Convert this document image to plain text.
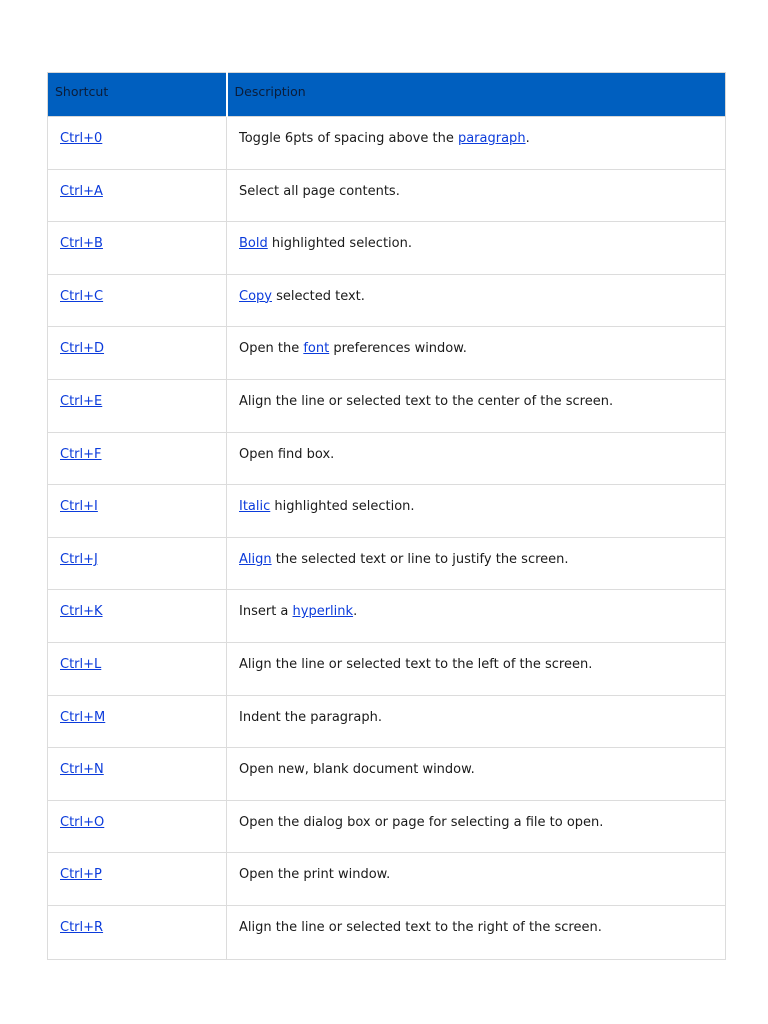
Shortcut	Description
Ctrl+0	Toggle 6pts of spacing above the paragraph.
Ctrl+A	Select all page contents.
Ctrl+B	Bold highlighted selection.
Ctrl+C	Copy selected text.
Ctrl+D	Open the font preferences window.
Ctrl+E	Align the line or selected text to the center of the screen.
Ctrl+F	Open find box.
Ctrl+I	Italic highlighted selection.
Ctrl+J	Align the selected text or line to justify the screen.
Ctrl+K	Insert a hyperlink.
Ctrl+L	Align the line or selected text to the left of the screen.
Ctrl+M	Indent the paragraph.
Ctrl+N	Open new, blank document window.
Ctrl+O	Open the dialog box or page for selecting a file to open.
Ctrl+P	Open the print window.
Ctrl+R	Align the line or selected text to the right of the screen.
